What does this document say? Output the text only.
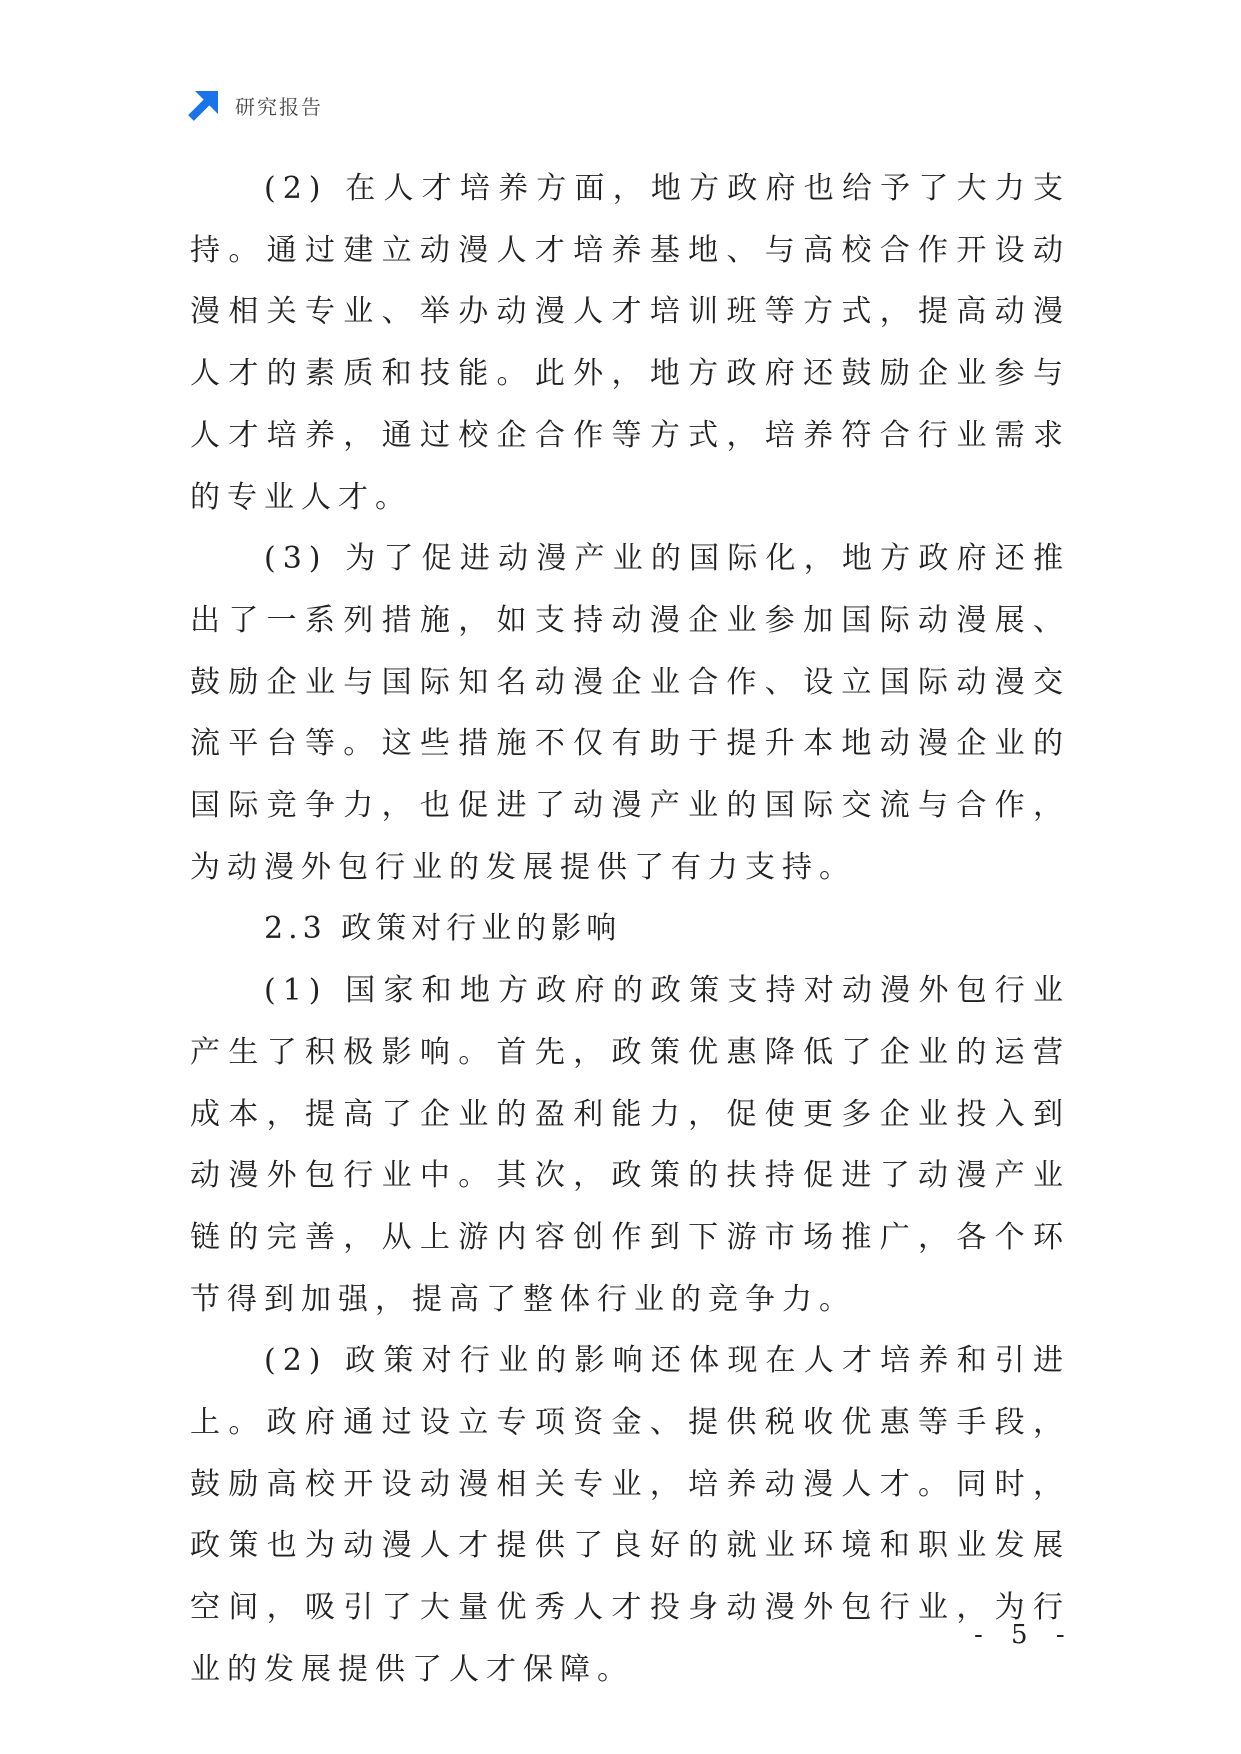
研究报告

(2) 在人才培养方面，地方政府也给予了大力支持。通过建立动漫人才培养基地、与高校合作开设动漫相关专业、举办动漫人才培训班等方式，提高动漫人才的素质和技能。此外，地方政府还鼓励企业参与人才培养，通过校企合作等方式，培养符合行业需求的专业人才。

(3) 为了促进动漫产业的国际化，地方政府还推出了一系列措施，如支持动漫企业参加国际动漫展、鼓励企业与国际知名动漫企业合作、设立国际动漫交流平台等。这些措施不仅有助于提升本地动漫企业的国际竞争力，也促进了动漫产业的国际交流与合作，为动漫外包行业的发展提供了有力支持。

2.3 政策对行业的影响

(1) 国家和地方政府的政策支持对动漫外包行业产生了积极影响。首先，政策优惠降低了企业的运营成本，提高了企业的盈利能力，促使更多企业投入到动漫外包行业中。其次，政策的扶持促进了动漫产业链的完善，从上游内容创作到下游市场推广，各个环节得到加强，提高了整体行业的竞争力。

(2) 政策对行业的影响还体现在人才培养和引进上。政府通过设立专项资金、提供税收优惠等手段，鼓励高校开设动漫相关专业，培养动漫人才。同时，政策也为动漫人才提供了良好的就业环境和职业发展空间，吸引了大量优秀人才投身动漫外包行业，为行业的发展提供了人才保障。

- 5 -
